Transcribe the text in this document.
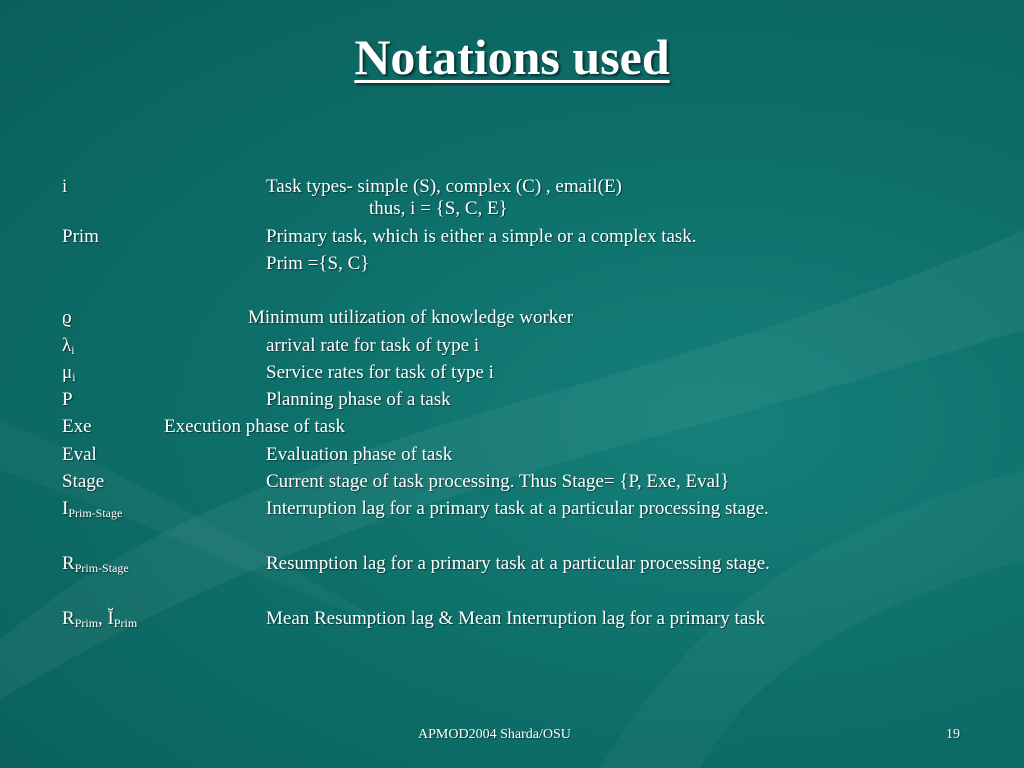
Notations used
i	Task types- simple (S), complex (C) , email(E)
thus, i = {S, C, E}
Prim	Primary task, which is either a simple or a complex task.
Prim ={S, C}
ϱ	Minimum utilization of knowledge worker
$\lambda_i$	arrival rate for task of type i
$\mu_i$	Service rates for task of type i
P	Planning phase of a task
Exe	Execution phase of task
Eval	Evaluation phase of task
Stage	Current stage of task processing. Thus Stage= {P, Exe, Eval}
$I_{Prim-Stage}$	Interruption lag for a primary task at a particular processing stage.
$R_{Prim-Stage}$	Resumption lag for a primary task at a particular processing stage.
$R_{Prim}$, $Ĭ_{Prim}$	Mean Resumption lag & Mean Interruption lag for a primary task
APMOD2004 Sharda/OSU	19
